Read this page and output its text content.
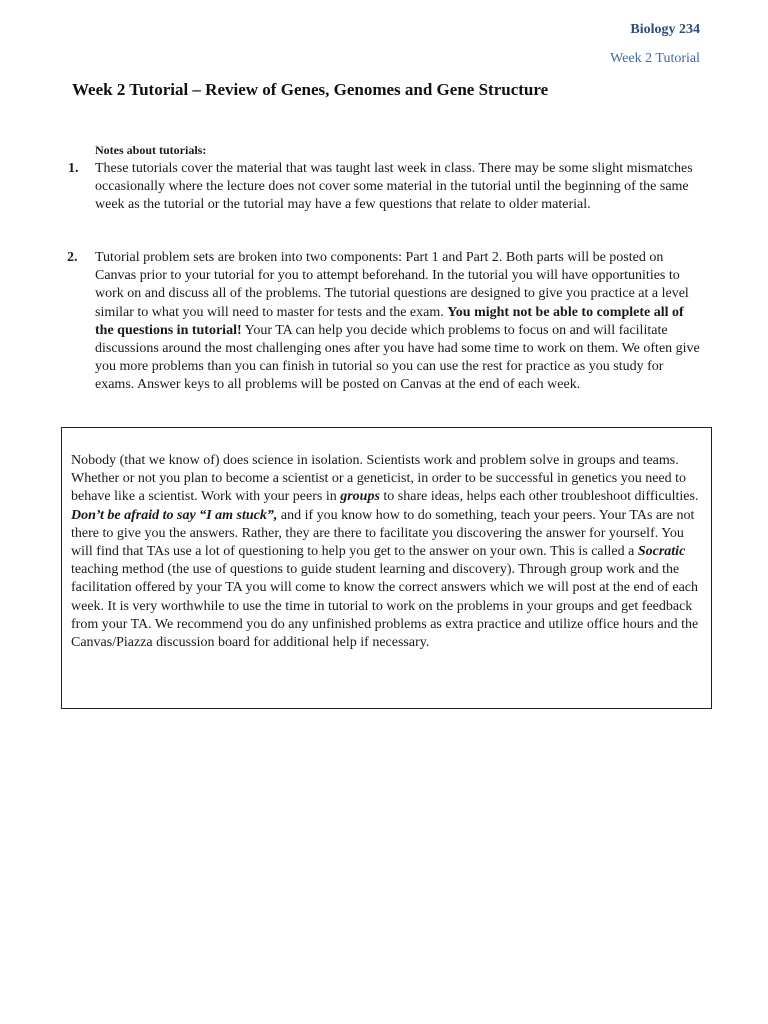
Biology 234
Week 2 Tutorial
Week 2 Tutorial – Review of Genes, Genomes and Gene Structure
Notes about tutorials:
1. These tutorials cover the material that was taught last week in class. There may be some slight mismatches occasionally where the lecture does not cover some material in the tutorial until the beginning of the same week as the tutorial or the tutorial may have a few questions that relate to older material.
2. Tutorial problem sets are broken into two components: Part 1 and Part 2. Both parts will be posted on Canvas prior to your tutorial for you to attempt beforehand. In the tutorial you will have opportunities to work on and discuss all of the problems. The tutorial questions are designed to give you practice at a level similar to what you will need to master for tests and the exam. You might not be able to complete all of the questions in tutorial! Your TA can help you decide which problems to focus on and will facilitate discussions around the most challenging ones after you have had some time to work on them. We often give you more problems than you can finish in tutorial so you can use the rest for practice as you study for exams. Answer keys to all problems will be posted on Canvas at the end of each week.
Nobody (that we know of) does science in isolation. Scientists work and problem solve in groups and teams. Whether or not you plan to become a scientist or a geneticist, in order to be successful in genetics you need to behave like a scientist. Work with your peers in groups to share ideas, helps each other troubleshoot difficulties. Don’t be afraid to say “I am stuck”, and if you know how to do something, teach your peers. Your TAs are not there to give you the answers. Rather, they are there to facilitate you discovering the answer for yourself. You will find that TAs use a lot of questioning to help you get to the answer on your own. This is called a Socratic teaching method (the use of questions to guide student learning and discovery). Through group work and the facilitation offered by your TA you will come to know the correct answers which we will post at the end of each week. It is very worthwhile to use the time in tutorial to work on the problems in your groups and get feedback from your TA. We recommend you do any unfinished problems as extra practice and utilize office hours and the Canvas/Piazza discussion board for additional help if necessary.
